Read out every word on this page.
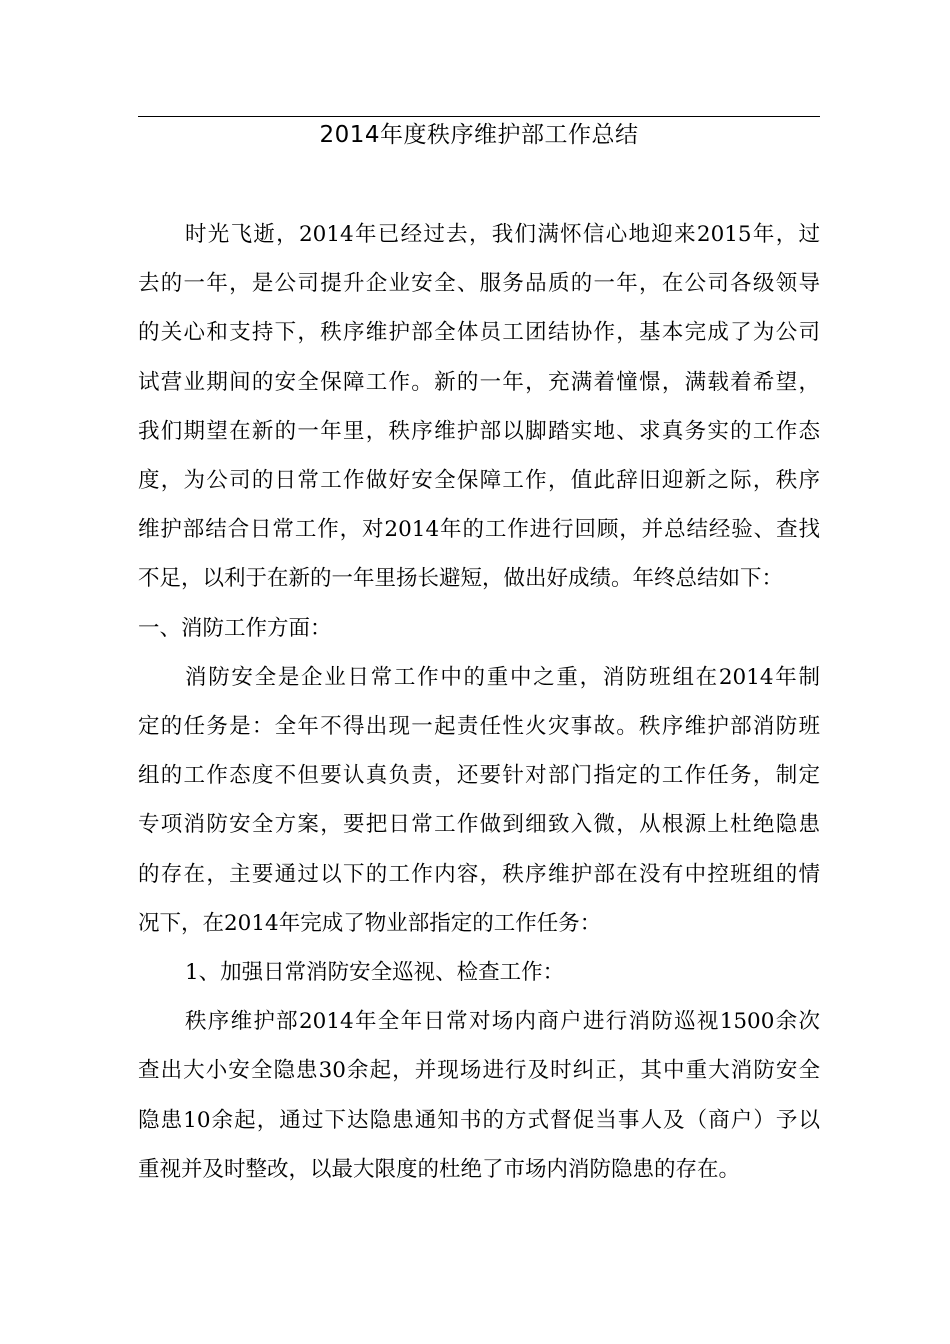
2014年度秩序维护部工作总结
时光飞逝，2014年已经过去，我们满怀信心地迎来2015年，过
去的一年，是公司提升企业安全、服务品质的一年，在公司各级领导
的关心和支持下，秩序维护部全体员工团结协作，基本完成了为公司
试营业期间的安全保障工作。新的一年，充满着憧憬，满载着希望，
我们期望在新的一年里，秩序维护部以脚踏实地、求真务实的工作态
度，为公司的日常工作做好安全保障工作，值此辞旧迎新之际，秩序
维护部结合日常工作，对2014年的工作进行回顾，并总结经验、查找
不足，以利于在新的一年里扬长避短，做出好成绩。年终总结如下：
一、消防工作方面：
消防安全是企业日常工作中的重中之重，消防班组在2014年制
定的任务是：全年不得出现一起责任性火灾事故。秩序维护部消防班
组的工作态度不但要认真负责，还要针对部门指定的工作任务，制定
专项消防安全方案，要把日常工作做到细致入微，从根源上杜绝隐患
的存在，主要通过以下的工作内容，秩序维护部在没有中控班组的情
况下，在2014年完成了物业部指定的工作任务：
1、加强日常消防安全巡视、检查工作：
秩序维护部2014年全年日常对场内商户进行消防巡视1500余次
查出大小安全隐患30余起，并现场进行及时纠正，其中重大消防安全
隐患10余起，通过下达隐患通知书的方式督促当事人及（商户）予以
重视并及时整改，以最大限度的杜绝了市场内消防隐患的存在。
